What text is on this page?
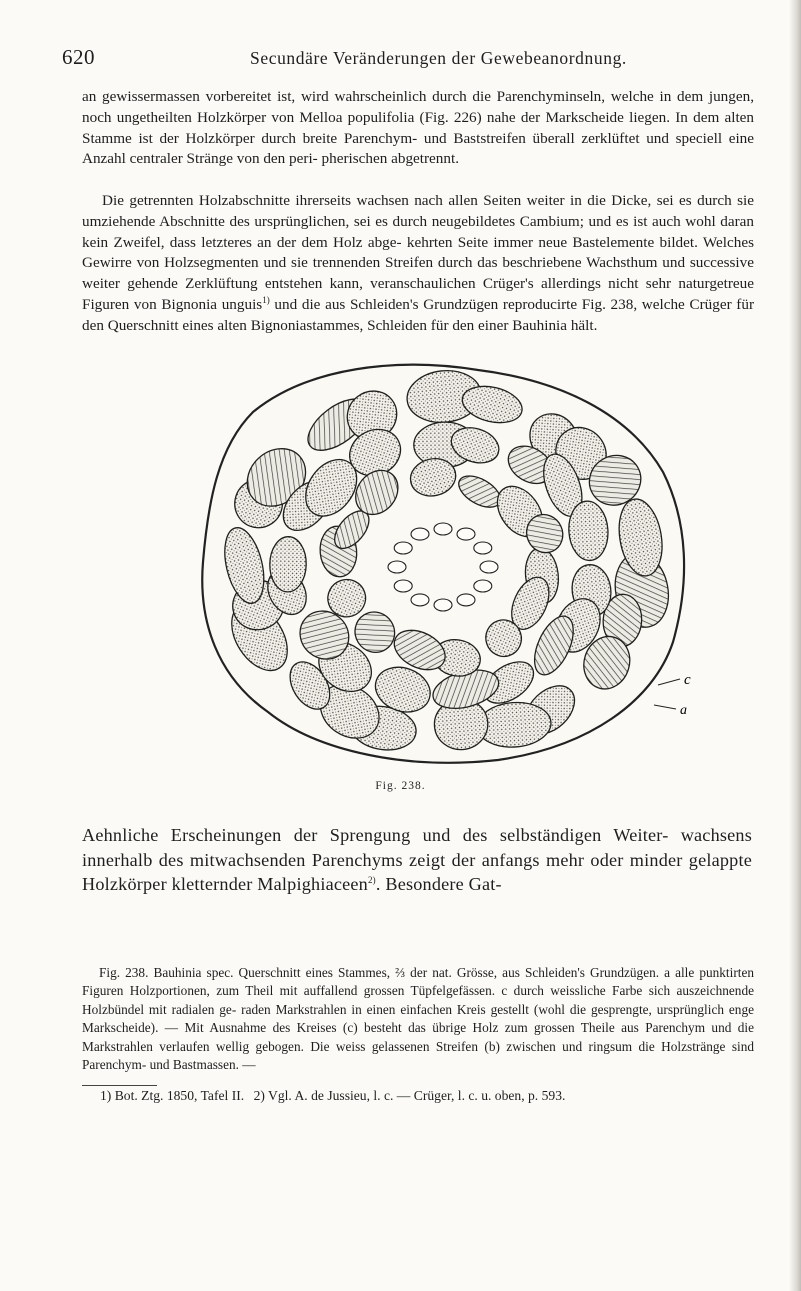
620	Secundäre Veränderungen der Gewebeanordnung.

an gewissermassen vorbereitet ist, wird wahrscheinlich durch die Parenchyminseln, welche in dem jungen, noch ungetheilten Holzkörper von Melloa populifolia (Fig. 226) nahe der Markscheide liegen. In dem alten Stamme ist der Holzkörper durch breite Parenchym- und Baststreifen überall zerklüftet und speciell eine Anzahl centraler Stränge von den peri- pherischen abgetrennt.

Die getrennten Holzabschnitte ihrerseits wachsen nach allen Seiten weiter in die Dicke, sei es durch sie umziehende Abschnitte des ursprünglichen, sei es durch neugebildetes Cambium; und es ist auch wohl daran kein Zweifel, dass letzteres an der dem Holz abge- kehrten Seite immer neue Bastelemente bildet. Welches Gewirre von Holzsegmenten und sie trennenden Streifen durch das beschriebene Wachsthum und successive weiter gehende Zerklüftung entstehen kann, veranschaulichen Crüger's allerdings nicht sehr naturgetreue Figuren von Bignonia unguis$^{1)}$ und die aus Schleiden's Grundzügen reproducirte Fig. 238, welche Crüger für den Querschnitt eines alten Bignoniastammes, Schleiden für den einer Bauhinia hält.

c
a
Fig. 238.

Aehnliche Erscheinungen der Sprengung und des selbständigen Weiter- wachsens innerhalb des mitwachsenden Parenchyms zeigt der anfangs mehr oder minder gelappte Holzkörper kletternder Malpighiaceen$^{2)}$. Besondere Gat-

Fig. 238. Bauhinia spec. Querschnitt eines Stammes, ⅔ der nat. Grösse, aus Schleiden's Grundzügen. a alle punktirten Figuren Holzportionen, zum Theil mit auffallend grossen Tüpfelgefässen. c durch weissliche Farbe sich auszeichnende Holzbündel mit radialen ge- raden Markstrahlen in einen einfachen Kreis gestellt (wohl die gesprengte, ursprünglich enge Markscheide). — Mit Ausnahme des Kreises (c) besteht das übrige Holz zum grossen Theile aus Parenchym und die Markstrahlen verlaufen wellig gebogen. Die weiss gelassenen Streifen (b) zwischen und ringsum die Holzstränge sind Parenchym- und Bastmassen. —

1) Bot. Ztg. 1850, Tafel II. 2) Vgl. A. de Jussieu, l. c. — Crüger, l. c. u. oben, p. 593.
